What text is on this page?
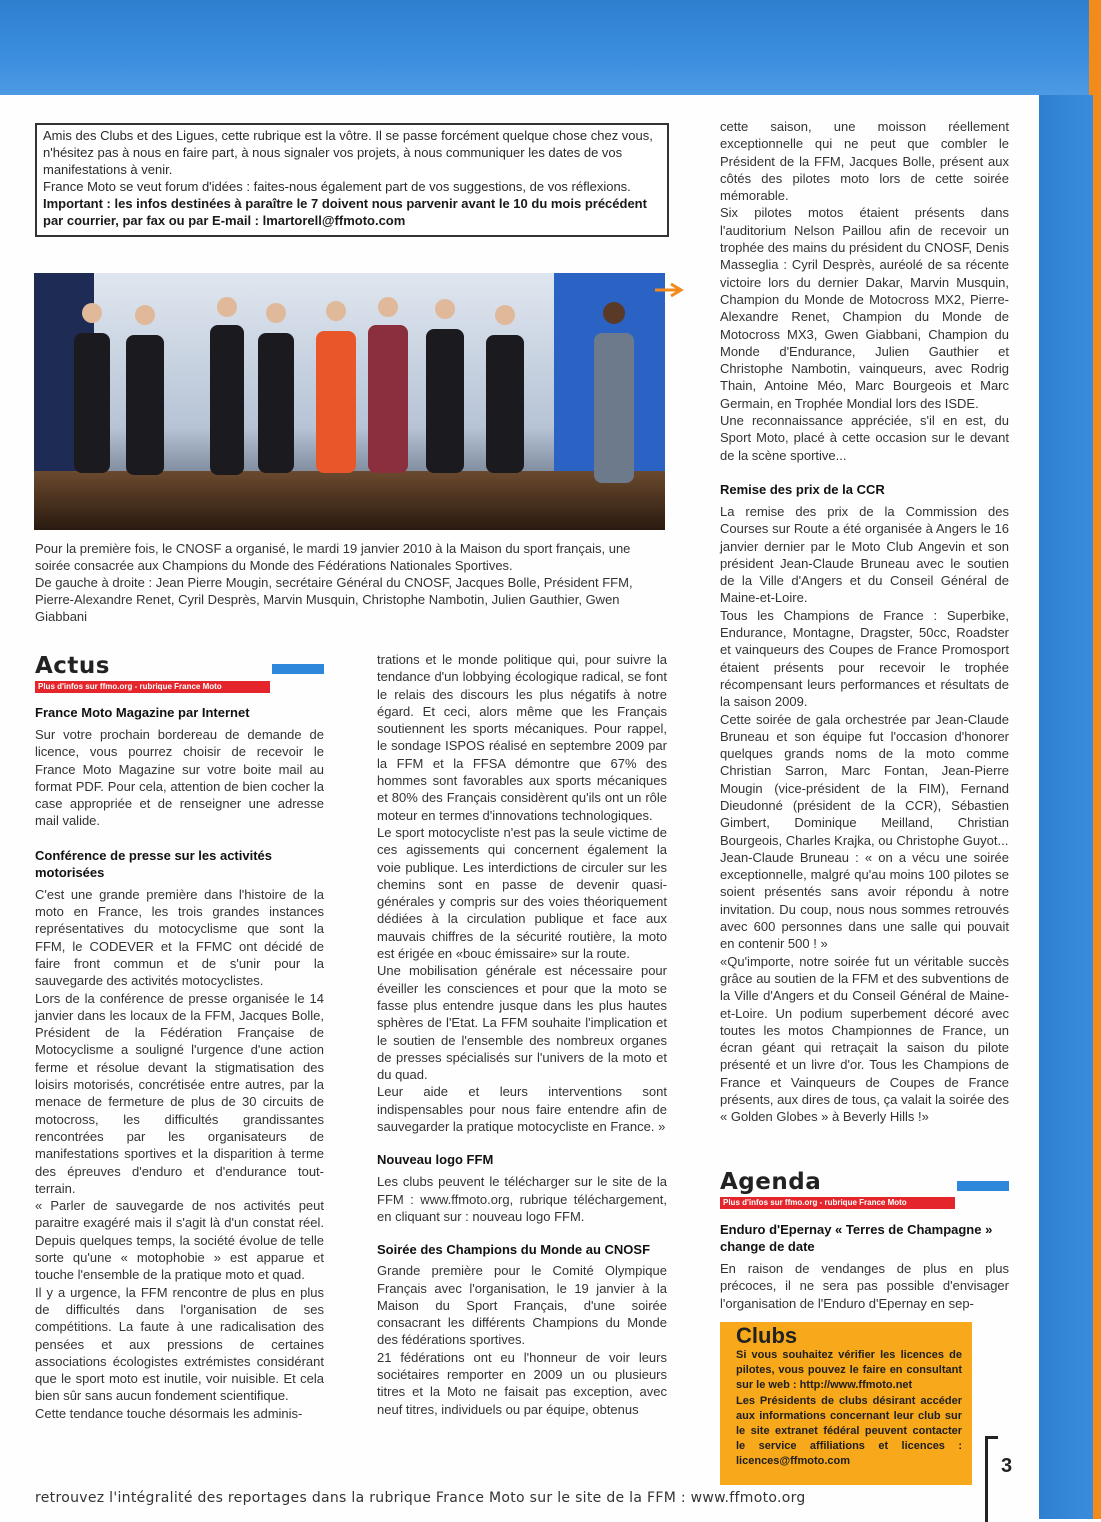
Amis des Clubs et des Ligues, cette rubrique est la vôtre. Il se passe forcément quelque chose chez vous, n'hésitez pas à nous en faire part, à nous signaler vos projets, à nous communiquer les dates de vos manifestations à venir.

France Moto se veut forum d'idées : faites-nous également part de vos suggestions, de vos réflexions.

Important : les infos destinées à paraître le 7 doivent nous parvenir avant le 10 du mois précédent par courrier, par fax ou par E-mail : lmartorell@ffmoto.com

Pour la première fois, le CNOSF a organisé, le mardi 19 janvier 2010 à la Maison du sport français, une soirée consacrée aux Champions du Monde des Fédérations Nationales Sportives.

De gauche à droite : Jean Pierre Mougin, secrétaire Général du CNOSF, Jacques Bolle, Président FFM, Pierre-Alexandre Renet, Cyril Desprès, Marvin Musquin, Christophe Nambotin, Julien Gauthier, Gwen Giabbani

Actus
Plus d'infos sur ffmo.org - rubrique France Moto
France Moto Magazine par Internet

Sur votre prochain bordereau de demande de licence, vous pourrez choisir de recevoir le France Moto Magazine sur votre boite mail au format PDF. Pour cela, attention de bien cocher la case appropriée et de renseigner une adresse mail valide.

Conférence de presse sur les activités motorisées

C'est une grande première dans l'histoire de la moto en France, les trois grandes instances représentatives du motocyclisme que sont la FFM, le CODEVER et la FFMC ont décidé de faire front commun et de s'unir pour la sauvegarde des activités motocyclistes.

Lors de la conférence de presse organisée le 14 janvier dans les locaux de la FFM, Jacques Bolle, Président de la Fédération Française de Motocyclisme a souligné l'urgence d'une action ferme et résolue devant la stigmatisation des loisirs motorisés, concrétisée entre autres, par la menace de fermeture de plus de 30 circuits de motocross, les difficultés grandissantes rencontrées par les organisateurs de manifestations sportives et la disparition à terme des épreuves d'enduro et d'endurance tout-terrain.

« Parler de sauvegarde de nos activités peut paraitre exagéré mais il s'agit là d'un constat réel. Depuis quelques temps, la société évolue de telle sorte qu'une « motophobie » est apparue et touche l'ensemble de la pratique moto et quad.

Il y a urgence, la FFM rencontre de plus en plus de difficultés dans l'organisation de ses compétitions. La faute à une radicalisation des pensées et aux pressions de certaines associations écologistes extrémistes considérant que le sport moto est inutile, voir nuisible. Et cela bien sûr sans aucun fondement scientifique.

Cette tendance touche désormais les adminis-

trations et le monde politique qui, pour suivre la tendance d'un lobbying écologique radical, se font le relais des discours les plus négatifs à notre égard. Et ceci, alors même que les Français soutiennent les sports mécaniques. Pour rappel, le sondage ISPOS réalisé en septembre 2009 par la FFM et la FFSA démontre que 67% des hommes sont favorables aux sports mécaniques et 80% des Français considèrent qu'ils ont un rôle moteur en termes d'innovations technologiques.

Le sport motocycliste n'est pas la seule victime de ces agissements qui concernent également la voie publique. Les interdictions de circuler sur les chemins sont en passe de devenir quasi-générales y compris sur des voies théoriquement dédiées à la circulation publique et face aux mauvais chiffres de la sécurité routière, la moto est érigée en «bouc émissaire» sur la route.

Une mobilisation générale est nécessaire pour éveiller les consciences et pour que la moto se fasse plus entendre jusque dans les plus hautes sphères de l'Etat. La FFM souhaite l'implication et le soutien de l'ensemble des nombreux organes de presses spécialisés sur l'univers de la moto et du quad.

Leur aide et leurs interventions sont indispensables pour nous faire entendre afin de sauvegarder la pratique motocycliste en France. »

Nouveau logo FFM

Les clubs peuvent le télécharger sur le site de la FFM : www.ffmoto.org, rubrique téléchargement, en cliquant sur : nouveau logo FFM.

Soirée des Champions du Monde au CNOSF

Grande première pour le Comité Olympique Français avec l'organisation, le 19 janvier à la Maison du Sport Français, d'une soirée consacrant les différents Champions du Monde des fédérations sportives.

21 fédérations ont eu l'honneur de voir leurs sociétaires remporter en 2009 un ou plusieurs titres et la Moto ne faisait pas exception, avec neuf titres, individuels ou par équipe, obtenus

cette saison, une moisson réellement exceptionnelle qui ne peut que combler le Président de la FFM, Jacques Bolle, présent aux côtés des pilotes moto lors de cette soirée mémorable.

Six pilotes motos étaient présents dans l'auditorium Nelson Paillou afin de recevoir un trophée des mains du président du CNOSF, Denis Masseglia : Cyril Desprès, auréolé de sa récente victoire lors du dernier Dakar, Marvin Musquin, Champion du Monde de Motocross MX2, Pierre-Alexandre Renet, Champion du Monde de Motocross MX3, Gwen Giabbani, Champion du Monde d'Endurance, Julien Gauthier et Christophe Nambotin, vainqueurs, avec Rodrig Thain, Antoine Méo, Marc Bourgeois et Marc Germain, en Trophée Mondial lors des ISDE.

Une reconnaissance appréciée, s'il en est, du Sport Moto, placé à cette occasion sur le devant de la scène sportive...

Remise des prix de la CCR

La remise des prix de la Commission des Courses sur Route a été organisée à Angers le 16 janvier dernier par le Moto Club Angevin et son président Jean-Claude Bruneau avec le soutien de la Ville d'Angers et du Conseil Général de Maine-et-Loire.

Tous les Champions de France : Superbike, Endurance, Montagne, Dragster, 50cc, Roadster et vainqueurs des Coupes de France Promosport étaient présents pour recevoir le trophée récompensant leurs performances et résultats de la saison 2009.

Cette soirée de gala orchestrée par Jean-Claude Bruneau et son équipe fut l'occasion d'honorer quelques grands noms de la moto comme Christian Sarron, Marc Fontan, Jean-Pierre Mougin (vice-président de la FIM), Fernand Dieudonné (président de la CCR), Sébastien Gimbert, Dominique Meilland, Christian Bourgeois, Charles Krajka, ou Christophe Guyot...

Jean-Claude Bruneau : « on a vécu une soirée exceptionnelle, malgré qu'au moins 100 pilotes se soient présentés sans avoir répondu à notre invitation. Du coup, nous nous sommes retrouvés avec 600 personnes dans une salle qui pouvait en contenir 500 ! »

«Qu'importe, notre soirée fut un véritable succès grâce au soutien de la FFM et des subventions de la Ville d'Angers et du Conseil Général de Maine-et-Loire. Un podium superbement décoré avec toutes les motos Championnes de France, un écran géant qui retraçait la saison du pilote présenté et un livre d'or. Tous les Champions de France et Vainqueurs de Coupes de France présents, aux dires de tous, ça valait la soirée des « Golden Globes » à Beverly Hills !»

Agenda
Plus d'infos sur ffmo.org - rubrique France Moto
Enduro d'Epernay « Terres de Champagne » change de date

En raison de vendanges de plus en plus précoces, il ne sera pas possible d'envisager l'organisation de l'Enduro d'Epernay en sep-

Clubs

Si vous souhaitez vérifier les licences de pilotes, vous pouvez le faire en consultant sur le web : http://www.ffmoto.net

Les Présidents de clubs désirant accéder aux informations concernant leur club sur le site extranet fédéral peuvent contacter le service affiliations et licences : licences@ffmoto.com	3
retrouvez l'intégralité des reportages dans la rubrique France Moto sur le site de la FFM : www.ffmoto.org
